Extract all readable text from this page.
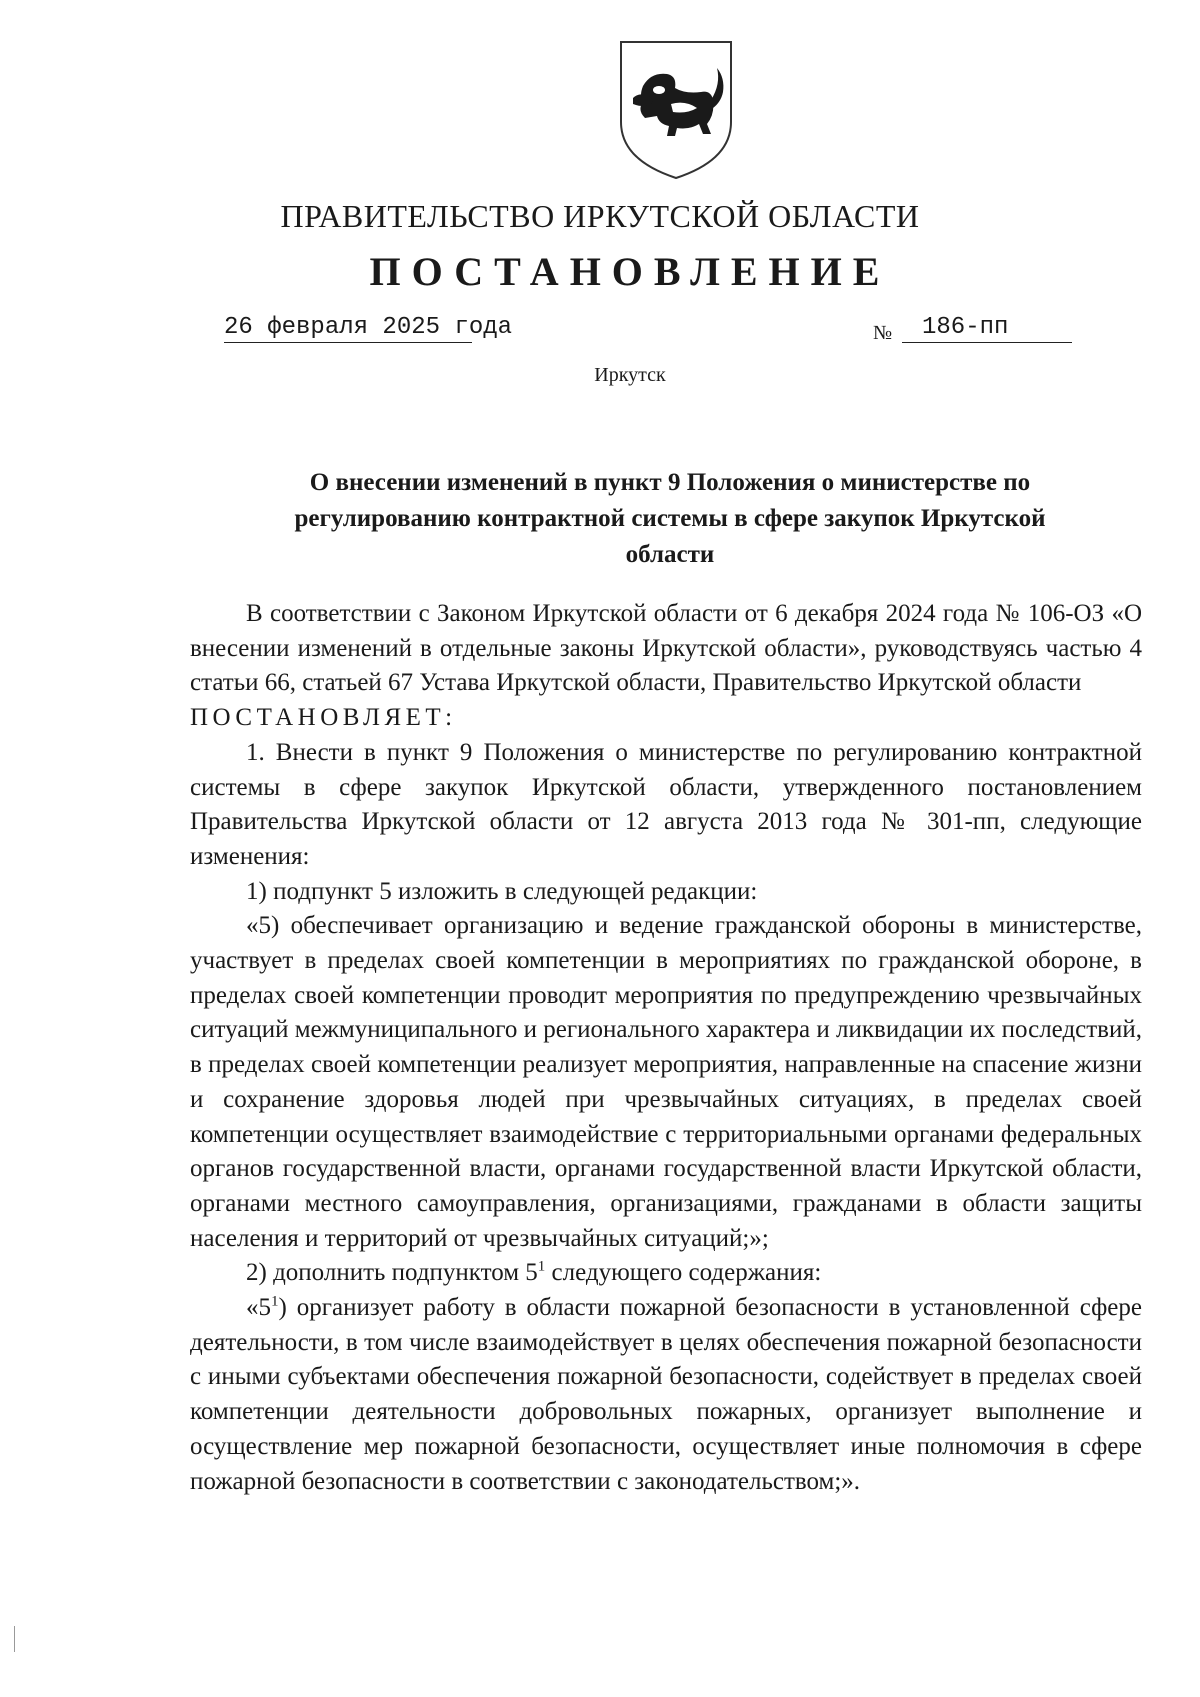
ПРАВИТЕЛЬСТВО ИРКУТСКОЙ ОБЛАСТИ
ПОСТАНОВЛЕНИЕ
26 февраля 2025 года	№	186-пп
Иркутск
О внесении изменений в пункт 9 Положения о министерстве по
регулированию контрактной системы в сфере закупок Иркутской
области

В соответствии с Законом Иркутской области от 6 декабря 2024 года № 106-ОЗ «О внесении изменений в отдельные законы Иркутской области», руководствуясь частью 4 статьи 66, статьей 67 Устава Иркутской области, Правительство Иркутской области

ПОСТАНОВЛЯЕТ:

1. Внести в пункт 9 Положения о министерстве по регулированию контрактной системы в сфере закупок Иркутской области, утвержденного постановлением Правительства Иркутской области от 12 августа 2013 года № 301-пп, следующие изменения:

1) подпункт 5 изложить в следующей редакции:

«5) обеспечивает организацию и ведение гражданской обороны в министерстве, участвует в пределах своей компетенции в мероприятиях по гражданской обороне, в пределах своей компетенции проводит мероприятия по предупреждению чрезвычайных ситуаций межмуниципального и регионального характера и ликвидации их последствий, в пределах своей компетенции реализует мероприятия, направленные на спасение жизни и сохранение здоровья людей при чрезвычайных ситуациях, в пределах своей компетенции осуществляет взаимодействие с территориальными органами федеральных органов государственной власти, органами государственной власти Иркутской области, органами местного самоуправления, организациями, гражданами в области защиты населения и территорий от чрезвычайных ситуаций;»;

2) дополнить подпунктом $5^1$ следующего содержания:

«$5^1$) организует работу в области пожарной безопасности в установленной сфере деятельности, в том числе взаимодействует в целях обеспечения пожарной безопасности с иными субъектами обеспечения пожарной безопасности, содействует в пределах своей компетенции деятельности добровольных пожарных, организует выполнение и осуществление мер пожарной безопасности, осуществляет иные полномочия в сфере пожарной безопасности в соответствии с законодательством;».
